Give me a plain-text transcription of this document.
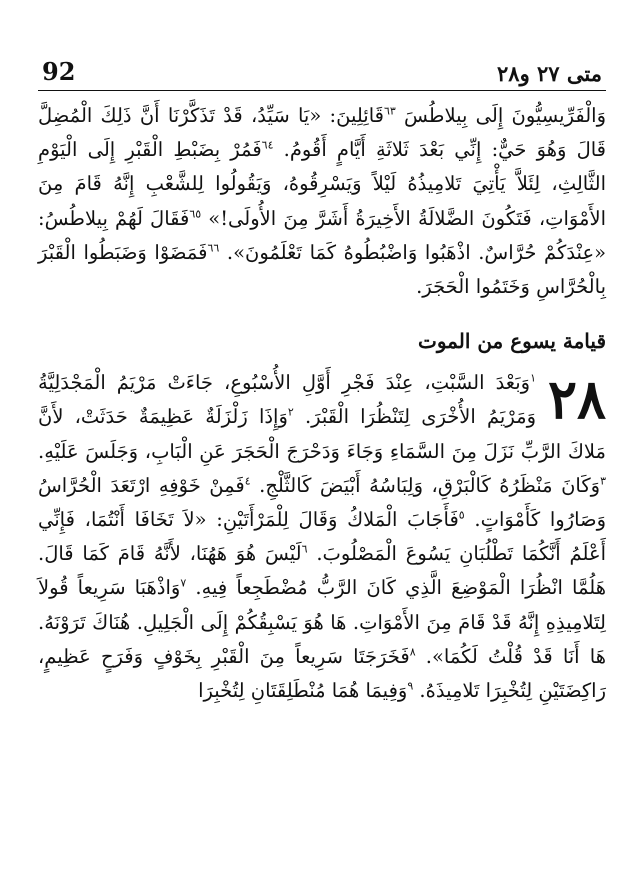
92	متى ٢٧ و٢٨

وَالْفَرِّيسِيُّونَ إِلَى بِيلاطُسَ $^{٦٣}$قَائِلِينَ: «يَا سَيِّدُ، قَدْ تَذَكَّرْنَا أَنَّ ذَلِكَ الْمُضِلَّ قَالَ وَهُوَ حَيٌّ: إِنِّي بَعْدَ ثَلاثَةِ أَيَّامٍ أَقُومُ. $^{٦٤}$فَمُرْ بِضَبْطِ الْقَبْرِ إِلَى الْيَوْمِ الثَّالِثِ، لِئَلاَّ يَأْتِيَ تَلامِيذُهُ لَيْلاً وَيَسْرِقُوهُ، وَيَقُولُوا لِلشَّعْبِ إِنَّهُ قَامَ مِنَ الأَمْوَاتِ، فَتَكُونَ الضَّلالَةُ الأَخِيرَةُ أَشَرَّ مِنَ الأُولَى!» $^{٦٥}$فَقَالَ لَهُمْ بِيلاطُسُ: «عِنْدَكُمْ حُرَّاسٌ. اذْهَبُوا وَاضْبُطُوهُ كَمَا تَعْلَمُونَ». $^{٦٦}$فَمَضَوْا وَضَبَطُوا الْقَبْرَ بِالْحُرَّاسِ وَخَتَمُوا الْحَجَرَ.

قيامة يسوع من الموت

٢٨
$^١$وَبَعْدَ السَّبْتِ، عِنْدَ فَجْرِ أَوَّلِ الأُسْبُوعِ، جَاءَتْ مَرْيَمُ الْمَجْدَلِيَّةُ وَمَرْيَمُ الأُخْرَى لِتَنْظُرَا الْقَبْرَ. $^٢$وَإِذَا زَلْزَلَةٌ عَظِيمَةٌ حَدَثَتْ، لأَنَّ مَلاكَ الرَّبِّ نَزَلَ مِنَ السَّمَاءِ وَجَاءَ وَدَحْرَجَ الْحَجَرَ عَنِ الْبَابِ، وَجَلَسَ عَلَيْهِ. $^٣$وَكَانَ مَنْظَرُهُ كَالْبَرْقِ، وَلِبَاسُهُ أَبْيَضَ كَالثَّلْجِ. $^٤$فَمِنْ خَوْفِهِ ارْتَعَدَ الْحُرَّاسُ وَصَارُوا كَأَمْوَاتٍ. $^٥$فَأَجَابَ الْمَلاكُ وَقَالَ لِلْمَرْأَتَيْنِ: «لاَ تَخَافَا أَنْتُمَا، فَإِنِّي أَعْلَمُ أَنَّكُمَا تَطْلُبَانِ يَسُوعَ الْمَصْلُوبَ. $^٦$لَيْسَ هُوَ هَهُنَا، لأَنَّهُ قَامَ كَمَا قَالَ. هَلُمَّا انْظُرَا الْمَوْضِعَ الَّذِي كَانَ الرَّبُّ مُضْطَجِعاً فِيهِ. $^٧$وَاذْهَبَا سَرِيعاً قُولاَ لِتَلامِيذِهِ إِنَّهُ قَدْ قَامَ مِنَ الأَمْوَاتِ. هَا هُوَ يَسْبِقُكُمْ إِلَى الْجَلِيلِ. هُنَاكَ تَرَوْنَهُ. هَا أَنَا قَدْ قُلْتُ لَكُمَا». $^٨$فَخَرَجَتَا سَرِيعاً مِنَ الْقَبْرِ بِخَوْفٍ وَفَرَحٍ عَظِيمٍ، رَاكِضَتَيْنِ لِتُخْبِرَا تَلامِيذَهُ. $^٩$وَفِيمَا هُمَا مُنْطَلِقَتَانِ لِتُخْبِرَا
